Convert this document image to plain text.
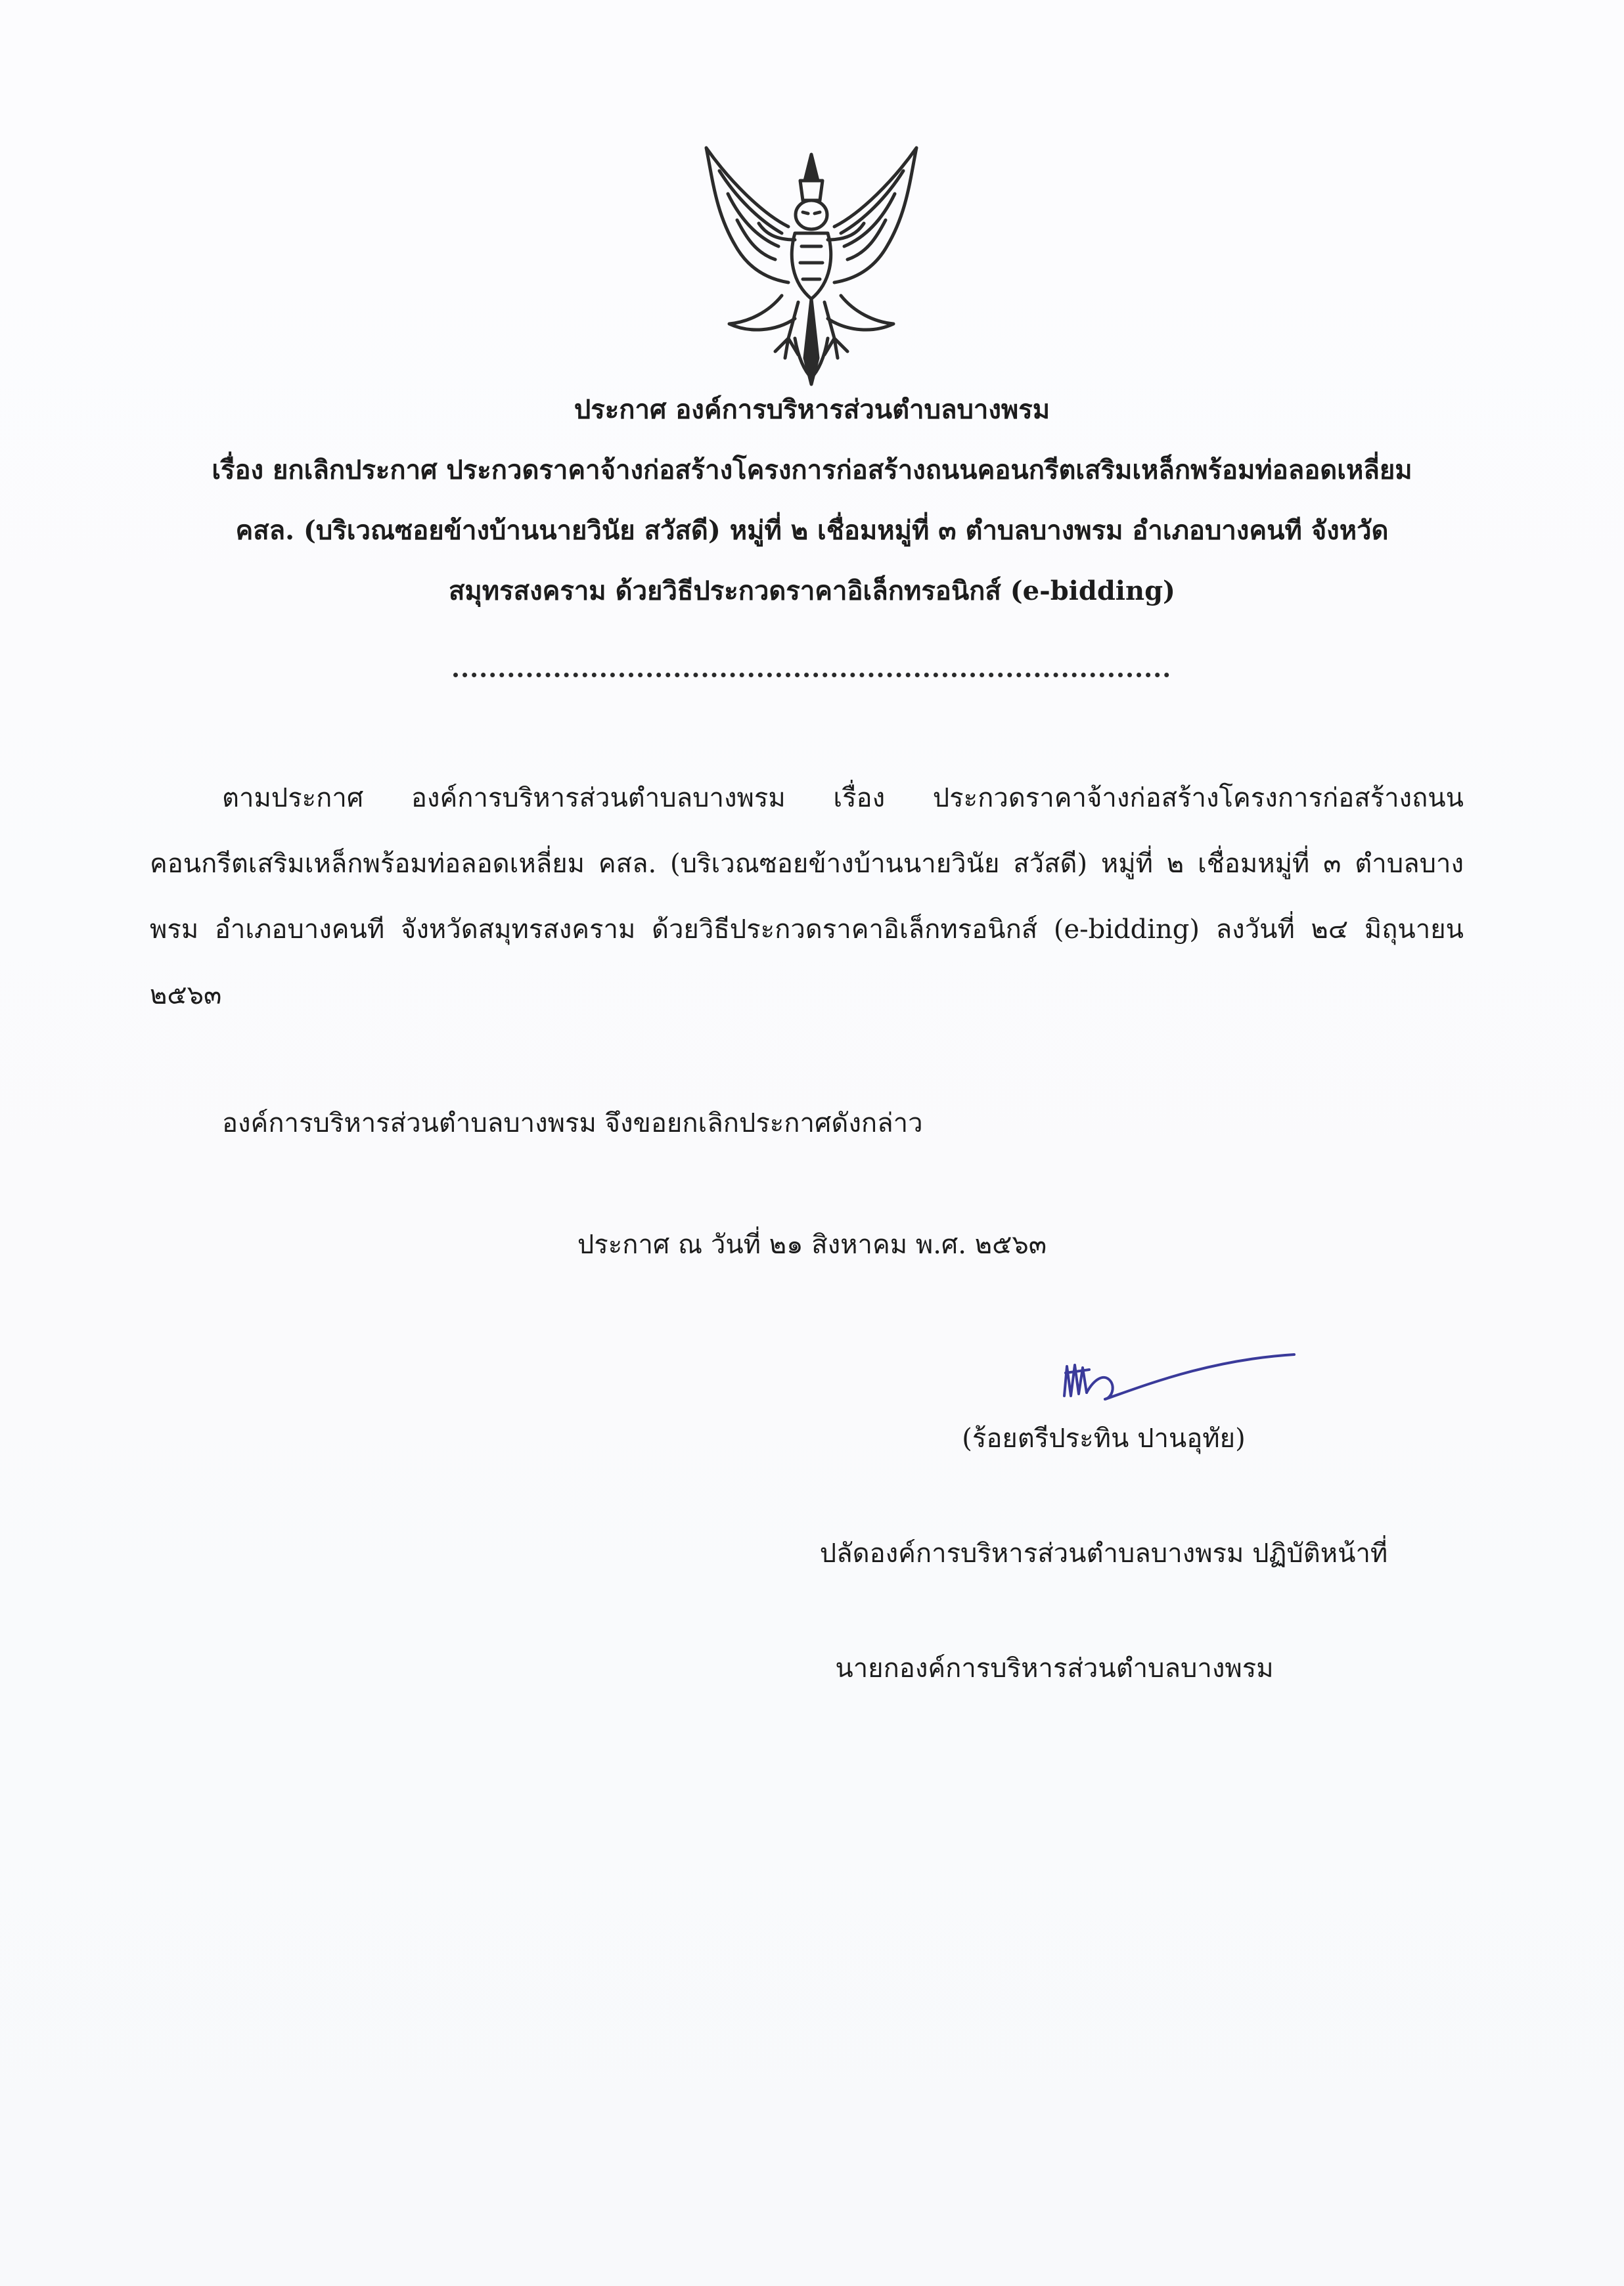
ประกาศ องค์การบริหารส่วนตำบลบางพรม
เรื่อง ยกเลิกประกาศ ประกวดราคาจ้างก่อสร้างโครงการก่อสร้างถนนคอนกรีตเสริมเหล็กพร้อมท่อลอดเหลี่ยม
คสล. (บริเวณซอยข้างบ้านนายวินัย สวัสดี) หมู่ที่ ๒ เชื่อมหมู่ที่ ๓ ตำบลบางพรม อำเภอบางคนที จังหวัด
สมุทรสงคราม ด้วยวิธีประกวดราคาอิเล็กทรอนิกส์ (e-bidding)
ตามประกาศ องค์การบริหารส่วนตำบลบางพรม เรื่อง ประกวดราคาจ้างก่อสร้างโครงการก่อสร้างถนนคอนกรีตเสริมเหล็กพร้อมท่อลอดเหลี่ยม คสล. (บริเวณซอยข้างบ้านนายวินัย สวัสดี) หมู่ที่ ๒ เชื่อมหมู่ที่ ๓ ตำบลบางพรม อำเภอบางคนที จังหวัดสมุทรสงคราม ด้วยวิธีประกวดราคาอิเล็กทรอนิกส์ (e-bidding) ลงวันที่ ๒๔ มิถุนายน ๒๕๖๓
องค์การบริหารส่วนตำบลบางพรม จึงขอยกเลิกประกาศดังกล่าว
ประกาศ ณ วันที่ ๒๑ สิงหาคม พ.ศ. ๒๕๖๓
(ร้อยตรีประทิน ปานอุทัย)
ปลัดองค์การบริหารส่วนตำบลบางพรม ปฏิบัติหน้าที่
นายกองค์การบริหารส่วนตำบลบางพรม
